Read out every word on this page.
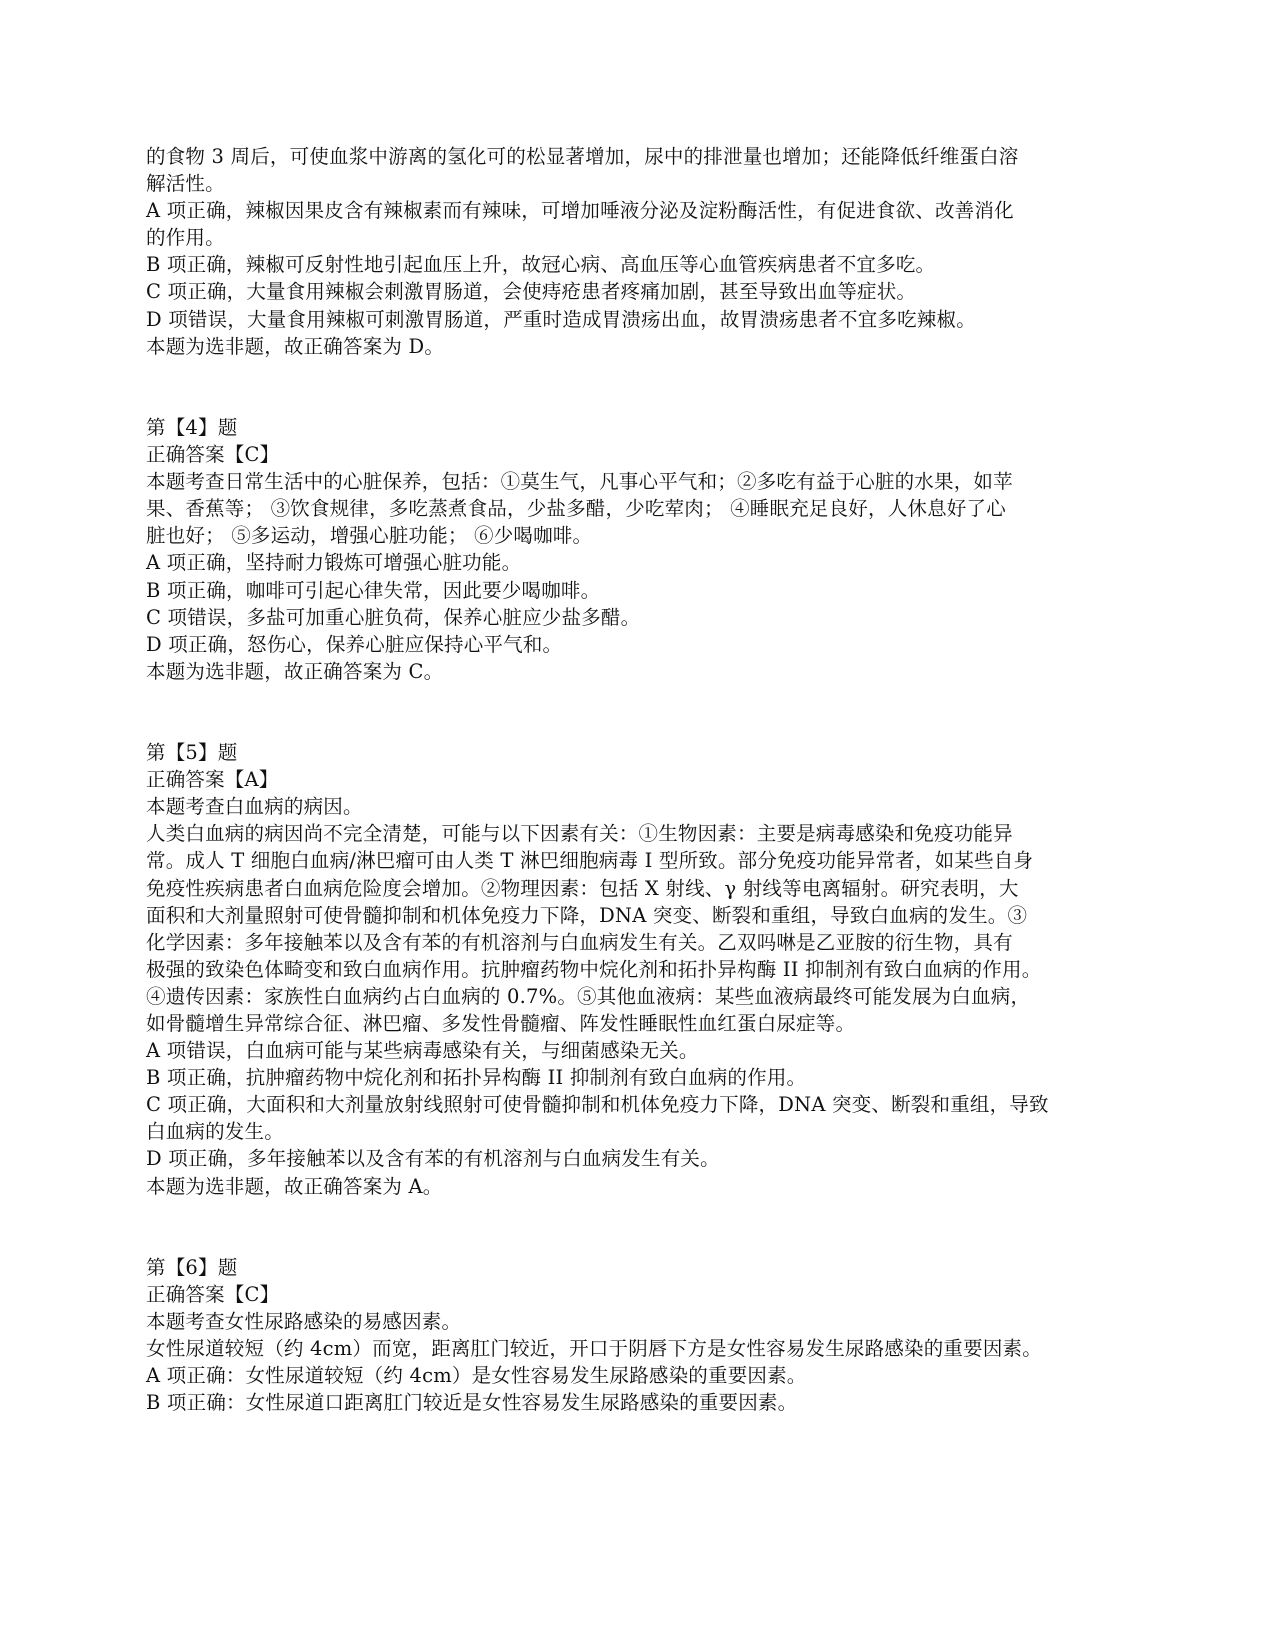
的食物 3 周后，可使血浆中游离的氢化可的松显著增加，尿中的排泄量也增加；还能降低纤维蛋白溶
解活性。
A 项正确，辣椒因果皮含有辣椒素而有辣味，可增加唾液分泌及淀粉酶活性，有促进食欲、改善消化
的作用。
B 项正确，辣椒可反射性地引起血压上升，故冠心病、高血压等心血管疾病患者不宜多吃。
C 项正确，大量食用辣椒会刺激胃肠道，会使痔疮患者疼痛加剧，甚至导致出血等症状。
D 项错误，大量食用辣椒可刺激胃肠道，严重时造成胃溃疡出血，故胃溃疡患者不宜多吃辣椒。
本题为选非题，故正确答案为 D。
第【4】题
正确答案【C】
本题考查日常生活中的心脏保养，包括：①莫生气，凡事心平气和；②多吃有益于心脏的水果，如苹
果、香蕉等； ③饮食规律，多吃蒸煮食品，少盐多醋，少吃荤肉； ④睡眠充足良好，人休息好了心
脏也好； ⑤多运动，增强心脏功能； ⑥少喝咖啡。
A 项正确，坚持耐力锻炼可增强心脏功能。
B 项正确，咖啡可引起心律失常，因此要少喝咖啡。
C 项错误，多盐可加重心脏负荷，保养心脏应少盐多醋。
D 项正确，怒伤心，保养心脏应保持心平气和。
本题为选非题，故正确答案为 C。
第【5】题
正确答案【A】
本题考查白血病的病因。
人类白血病的病因尚不完全清楚，可能与以下因素有关：①生物因素：主要是病毒感染和免疫功能异
常。成人 T 细胞白血病/淋巴瘤可由人类 T 淋巴细胞病毒 I 型所致。部分免疫功能异常者，如某些自身
免疫性疾病患者白血病危险度会增加。②物理因素：包括 X 射线、γ 射线等电离辐射。研究表明，大
面积和大剂量照射可使骨髓抑制和机体免疫力下降，DNA 突变、断裂和重组，导致白血病的发生。③
化学因素：多年接触苯以及含有苯的有机溶剂与白血病发生有关。乙双吗啉是乙亚胺的衍生物，具有
极强的致染色体畸变和致白血病作用。抗肿瘤药物中烷化剂和拓扑异构酶 II 抑制剂有致白血病的作用。
④遗传因素：家族性白血病约占白血病的 0.7%。⑤其他血液病：某些血液病最终可能发展为白血病，
如骨髓增生异常综合征、淋巴瘤、多发性骨髓瘤、阵发性睡眠性血红蛋白尿症等。
A 项错误，白血病可能与某些病毒感染有关，与细菌感染无关。
B 项正确，抗肿瘤药物中烷化剂和拓扑异构酶 II 抑制剂有致白血病的作用。
C 项正确，大面积和大剂量放射线照射可使骨髓抑制和机体免疫力下降，DNA 突变、断裂和重组，导致
白血病的发生。
D 项正确，多年接触苯以及含有苯的有机溶剂与白血病发生有关。
本题为选非题，故正确答案为 A。
第【6】题
正确答案【C】
本题考查女性尿路感染的易感因素。
女性尿道较短（约 4cm）而宽，距离肛门较近，开口于阴唇下方是女性容易发生尿路感染的重要因素。
A 项正确：女性尿道较短（约 4cm）是女性容易发生尿路感染的重要因素。
B 项正确：女性尿道口距离肛门较近是女性容易发生尿路感染的重要因素。
